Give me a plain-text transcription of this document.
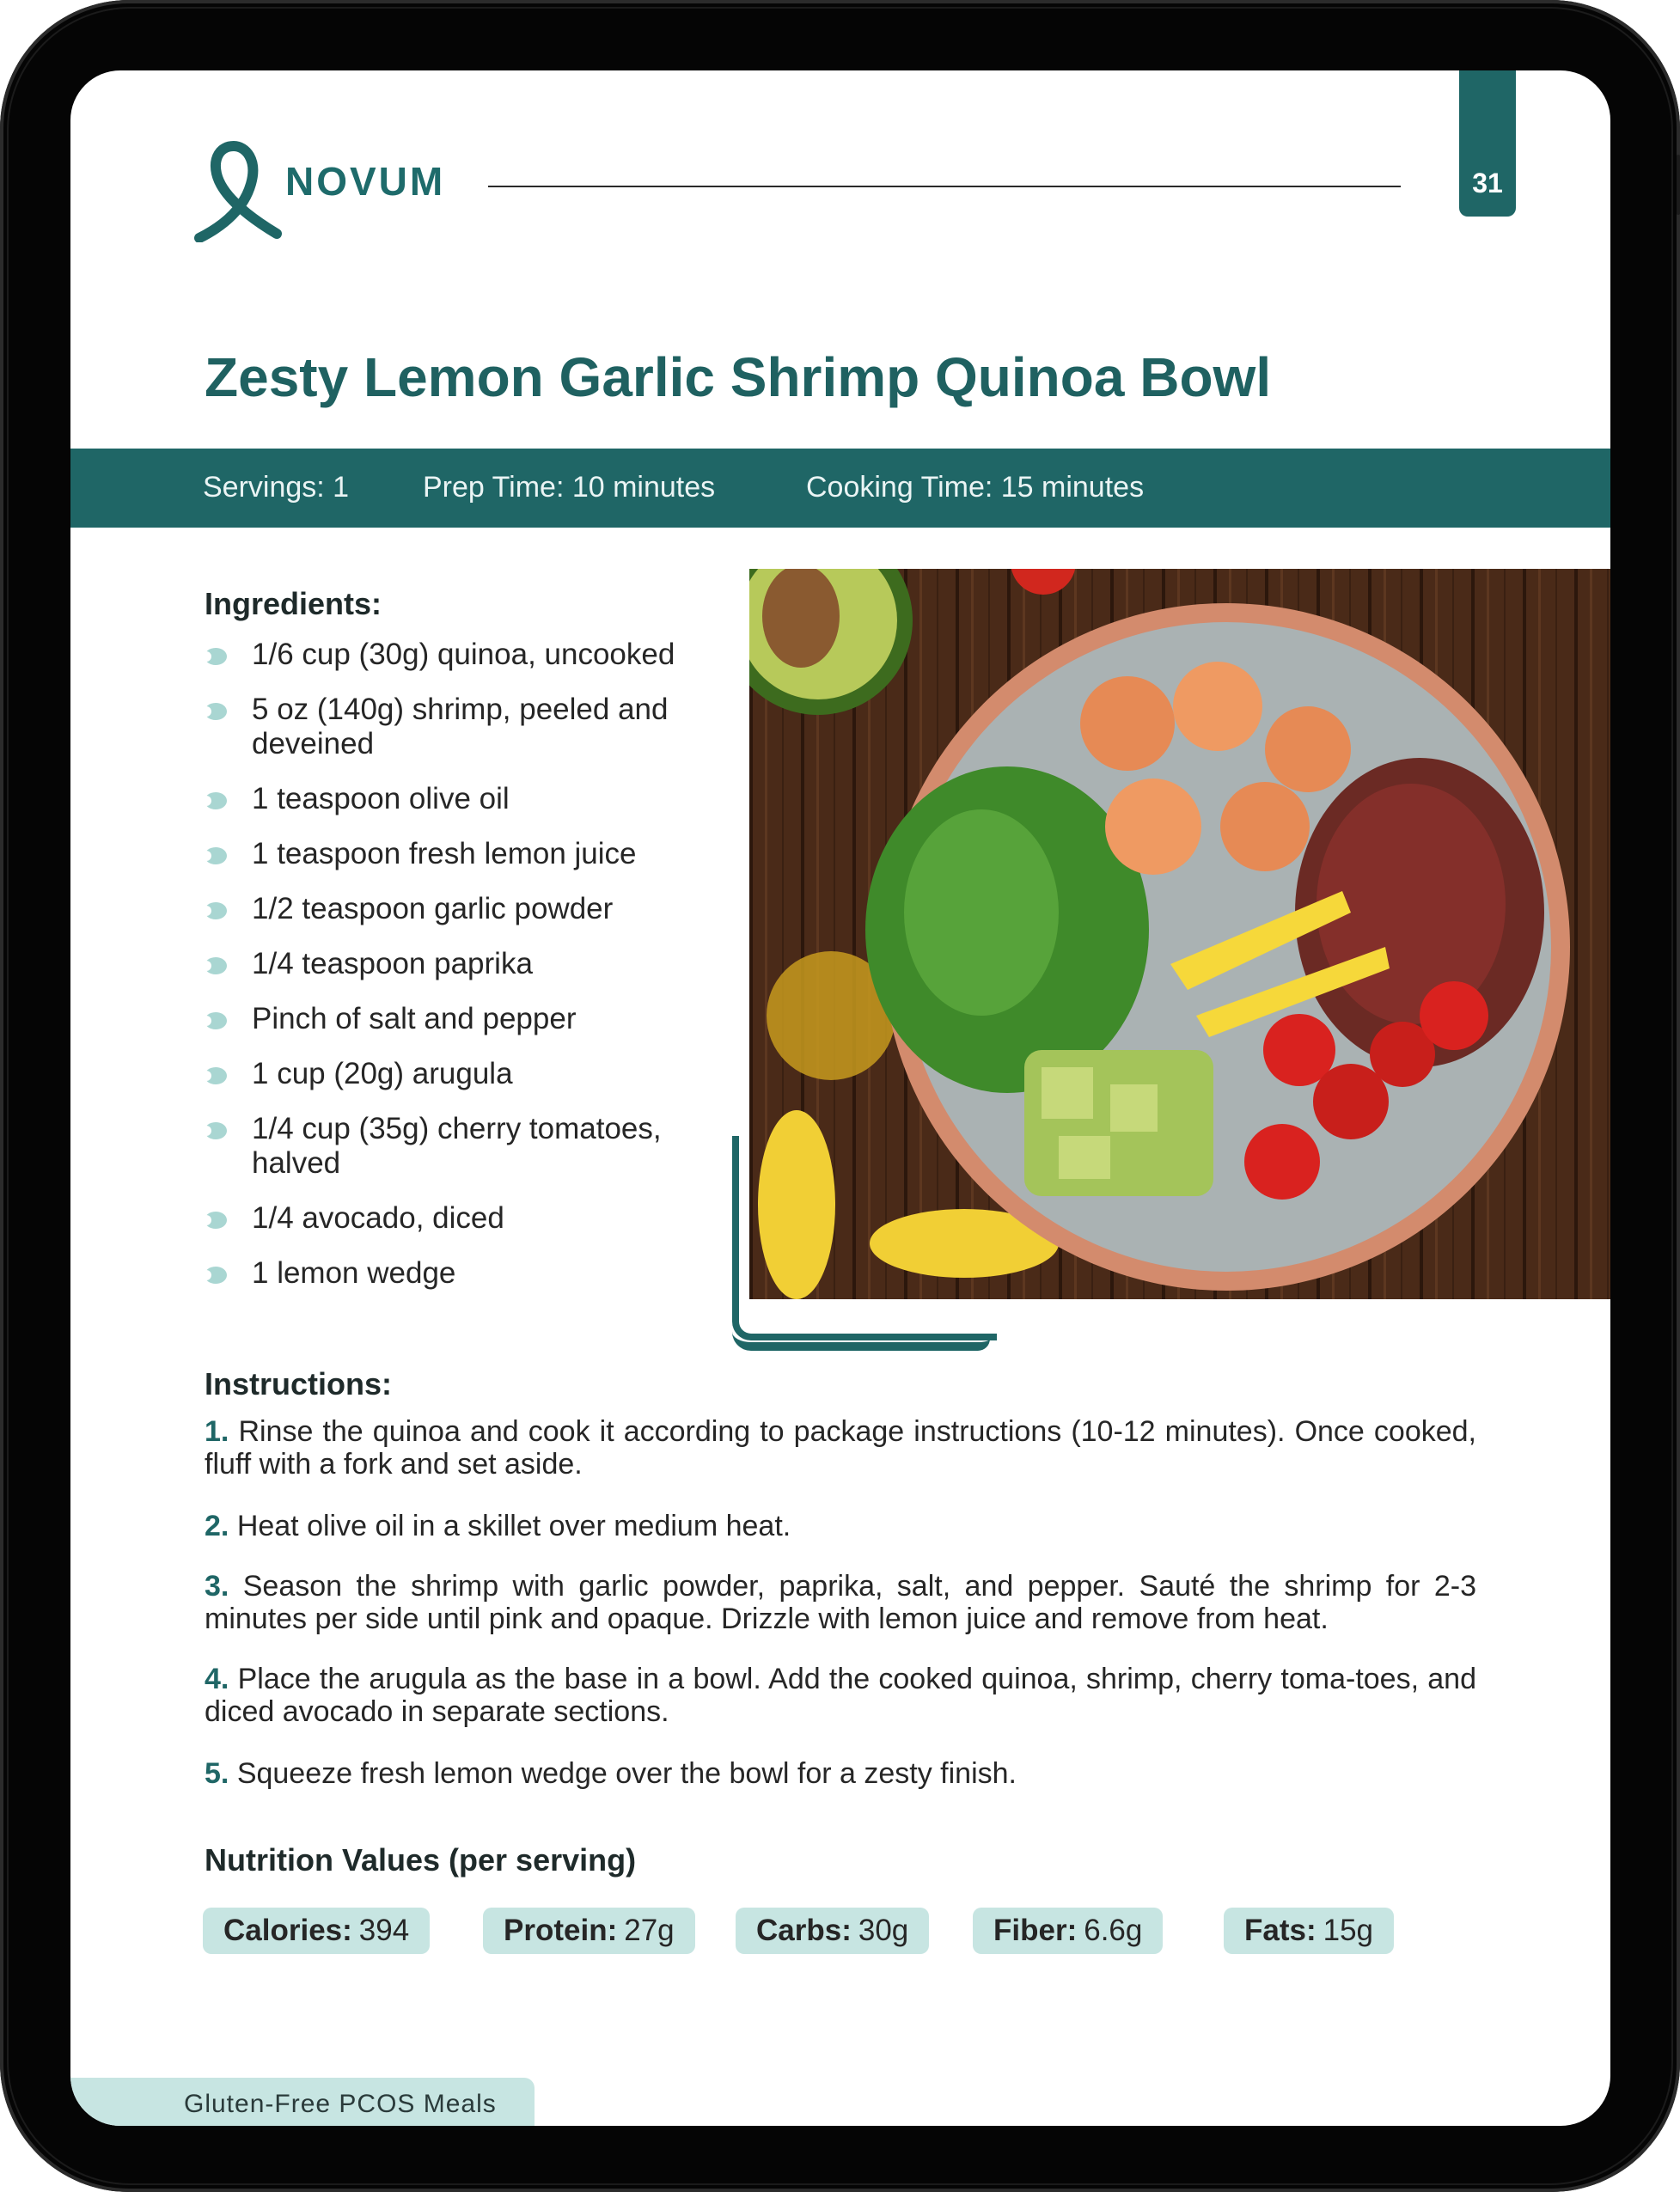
NOVUM	31
Zesty Lemon Garlic Shrimp Quinoa Bowl
Servings: 1	Prep Time: 10 minutes	Cooking Time: 15 minutes
Ingredients:
1/6 cup (30g) quinoa, uncooked
5 oz (140g) shrimp, peeled and deveined
1 teaspoon olive oil
1 teaspoon fresh lemon juice
1/2 teaspoon garlic powder
1/4 teaspoon paprika
Pinch of salt and pepper
1 cup (20g) arugula
1/4 cup (35g) cherry tomatoes, halved
1/4 avocado, diced
1 lemon wedge
Instructions:
1. Rinse the quinoa and cook it according to package instructions (10-12 minutes). Once cooked, fluff with a fork and set aside.
2. Heat olive oil in a skillet over medium heat.
3. Season the shrimp with garlic powder, paprika, salt, and pepper. Sauté the shrimp for 2-3 minutes per side until pink and opaque. Drizzle with lemon juice and remove from heat.
4. Place the arugula as the base in a bowl. Add the cooked quinoa, shrimp, cherry toma-toes, and diced avocado in separate sections.
5. Squeeze fresh lemon wedge over the bowl for a zesty finish.
Nutrition Values (per serving)
Calories: 394	Protein: 27g	Carbs: 30g	Fiber: 6.6g	Fats: 15g
Gluten-Free PCOS Meals
